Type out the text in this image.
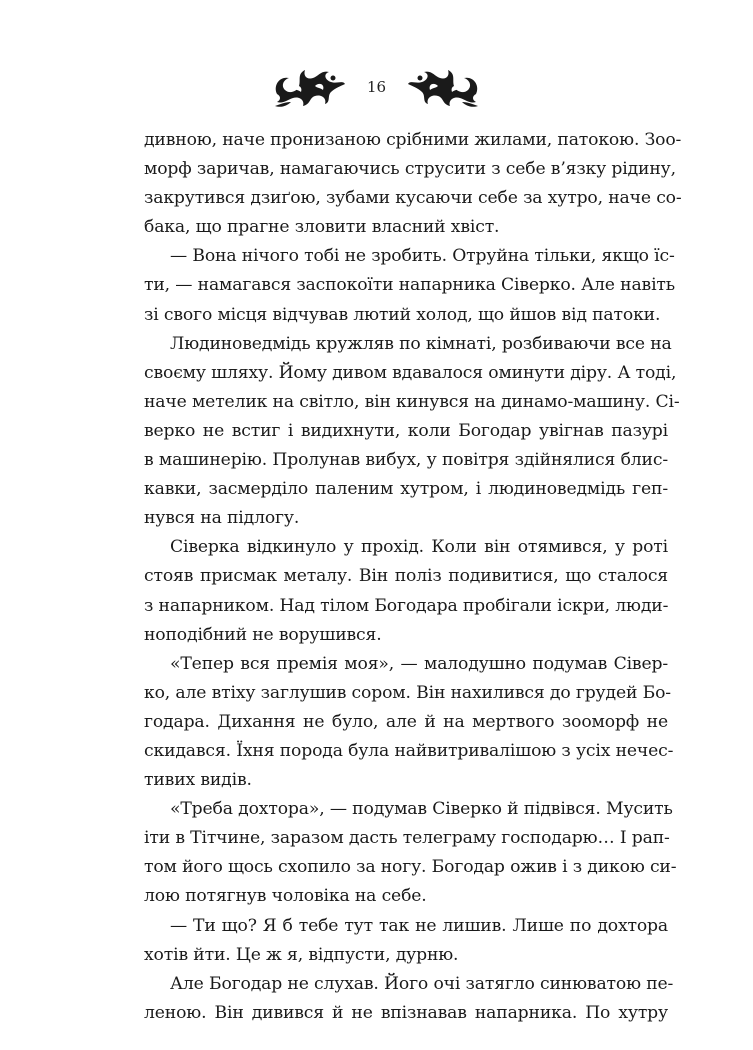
16
дивною, наче пронизаною срібними жилами, патокою. Зоо-
морф заричав, намагаючись струсити з себе в’язку рідину,
закрутився дзиґою, зубами кусаючи себе за хутро, наче со-
бака, що прагне зловити власний хвіст.
— Вона нічого тобі не зробить. Отруйна тільки, якщо їс-
ти, — намагався заспокоїти напарника Сіверко. Але навіть
зі свого місця відчував лютий холод, що йшов від патоки.
Людиноведмідь кружляв по кімнаті, розбиваючи все на
своєму шляху. Йому дивом вдавалося оминути діру. А тоді,
наче метелик на світло, він кинувся на динамо-машину. Сі-
верко не встиг і видихнути, коли Богодар увігнав пазурі
в машинерію. Пролунав вибух, у повітря здійнялися блис-
кавки, засмерділо паленим хутром, і людиноведмідь геп-
нувся на підлогу.
Сіверка відкинуло у прохід. Коли він отямився, у роті
стояв присмак металу. Він поліз подивитися, що сталося
з напарником. Над тілом Богодара пробігали іскри, люди-
ноподібний не ворушився.
«Тепер вся премія моя», — малодушно подумав Сівер-
ко, але втіху заглушив сором. Він нахилився до грудей Бо-
годара. Дихання не було, але й на мертвого зооморф не
скидався. Їхня порода була найвитривалішою з усіх нечес-
тивих видів.
«Треба дохтора», — подумав Сіверко й підвівся. Мусить
іти в Тітчине, заразом дасть телеграму господарю… І рап-
том його щось схопило за ногу. Богодар ожив і з дикою си-
лою потягнув чоловіка на себе.
— Ти що? Я б тебе тут так не лишив. Лише по дохтора
хотів йти. Це ж я, відпусти, дурню.
Але Богодар не слухав. Його очі затягло синюватою пе-
леною. Він дивився й не впізнавав напарника. По хутру
